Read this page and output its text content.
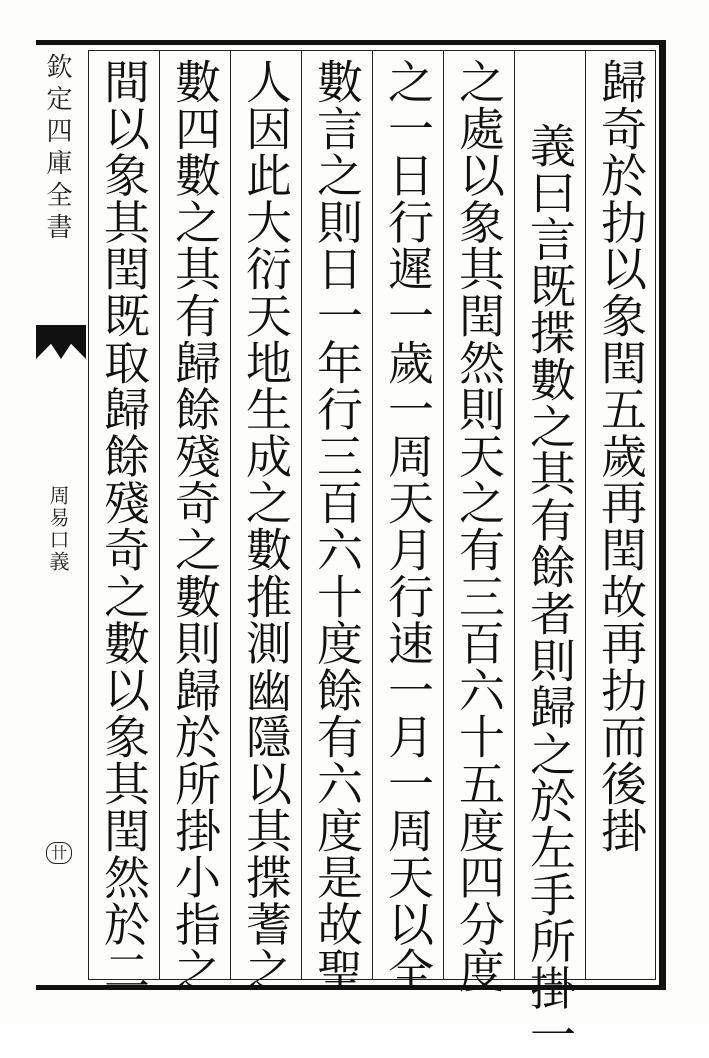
欽定四庫全書
周易口義
卄	歸奇於扐以象閏五歲再閏故再扐而後掛
義曰言既揲數之其有餘者則歸之於左手所掛一
之處以象其閏然則天之有三百六十五度四分度
之一日行遲一歲一周天月行速一月一周天以全
數言之則日一年行三百六十度餘有六度是故聖
人因此大衍天地生成之數推測幽隱以其揲蓍之
數四數之其有歸餘殘奇之數則歸於所掛小指之
間以象其閏既取歸餘殘奇之數以象其閏然於二
